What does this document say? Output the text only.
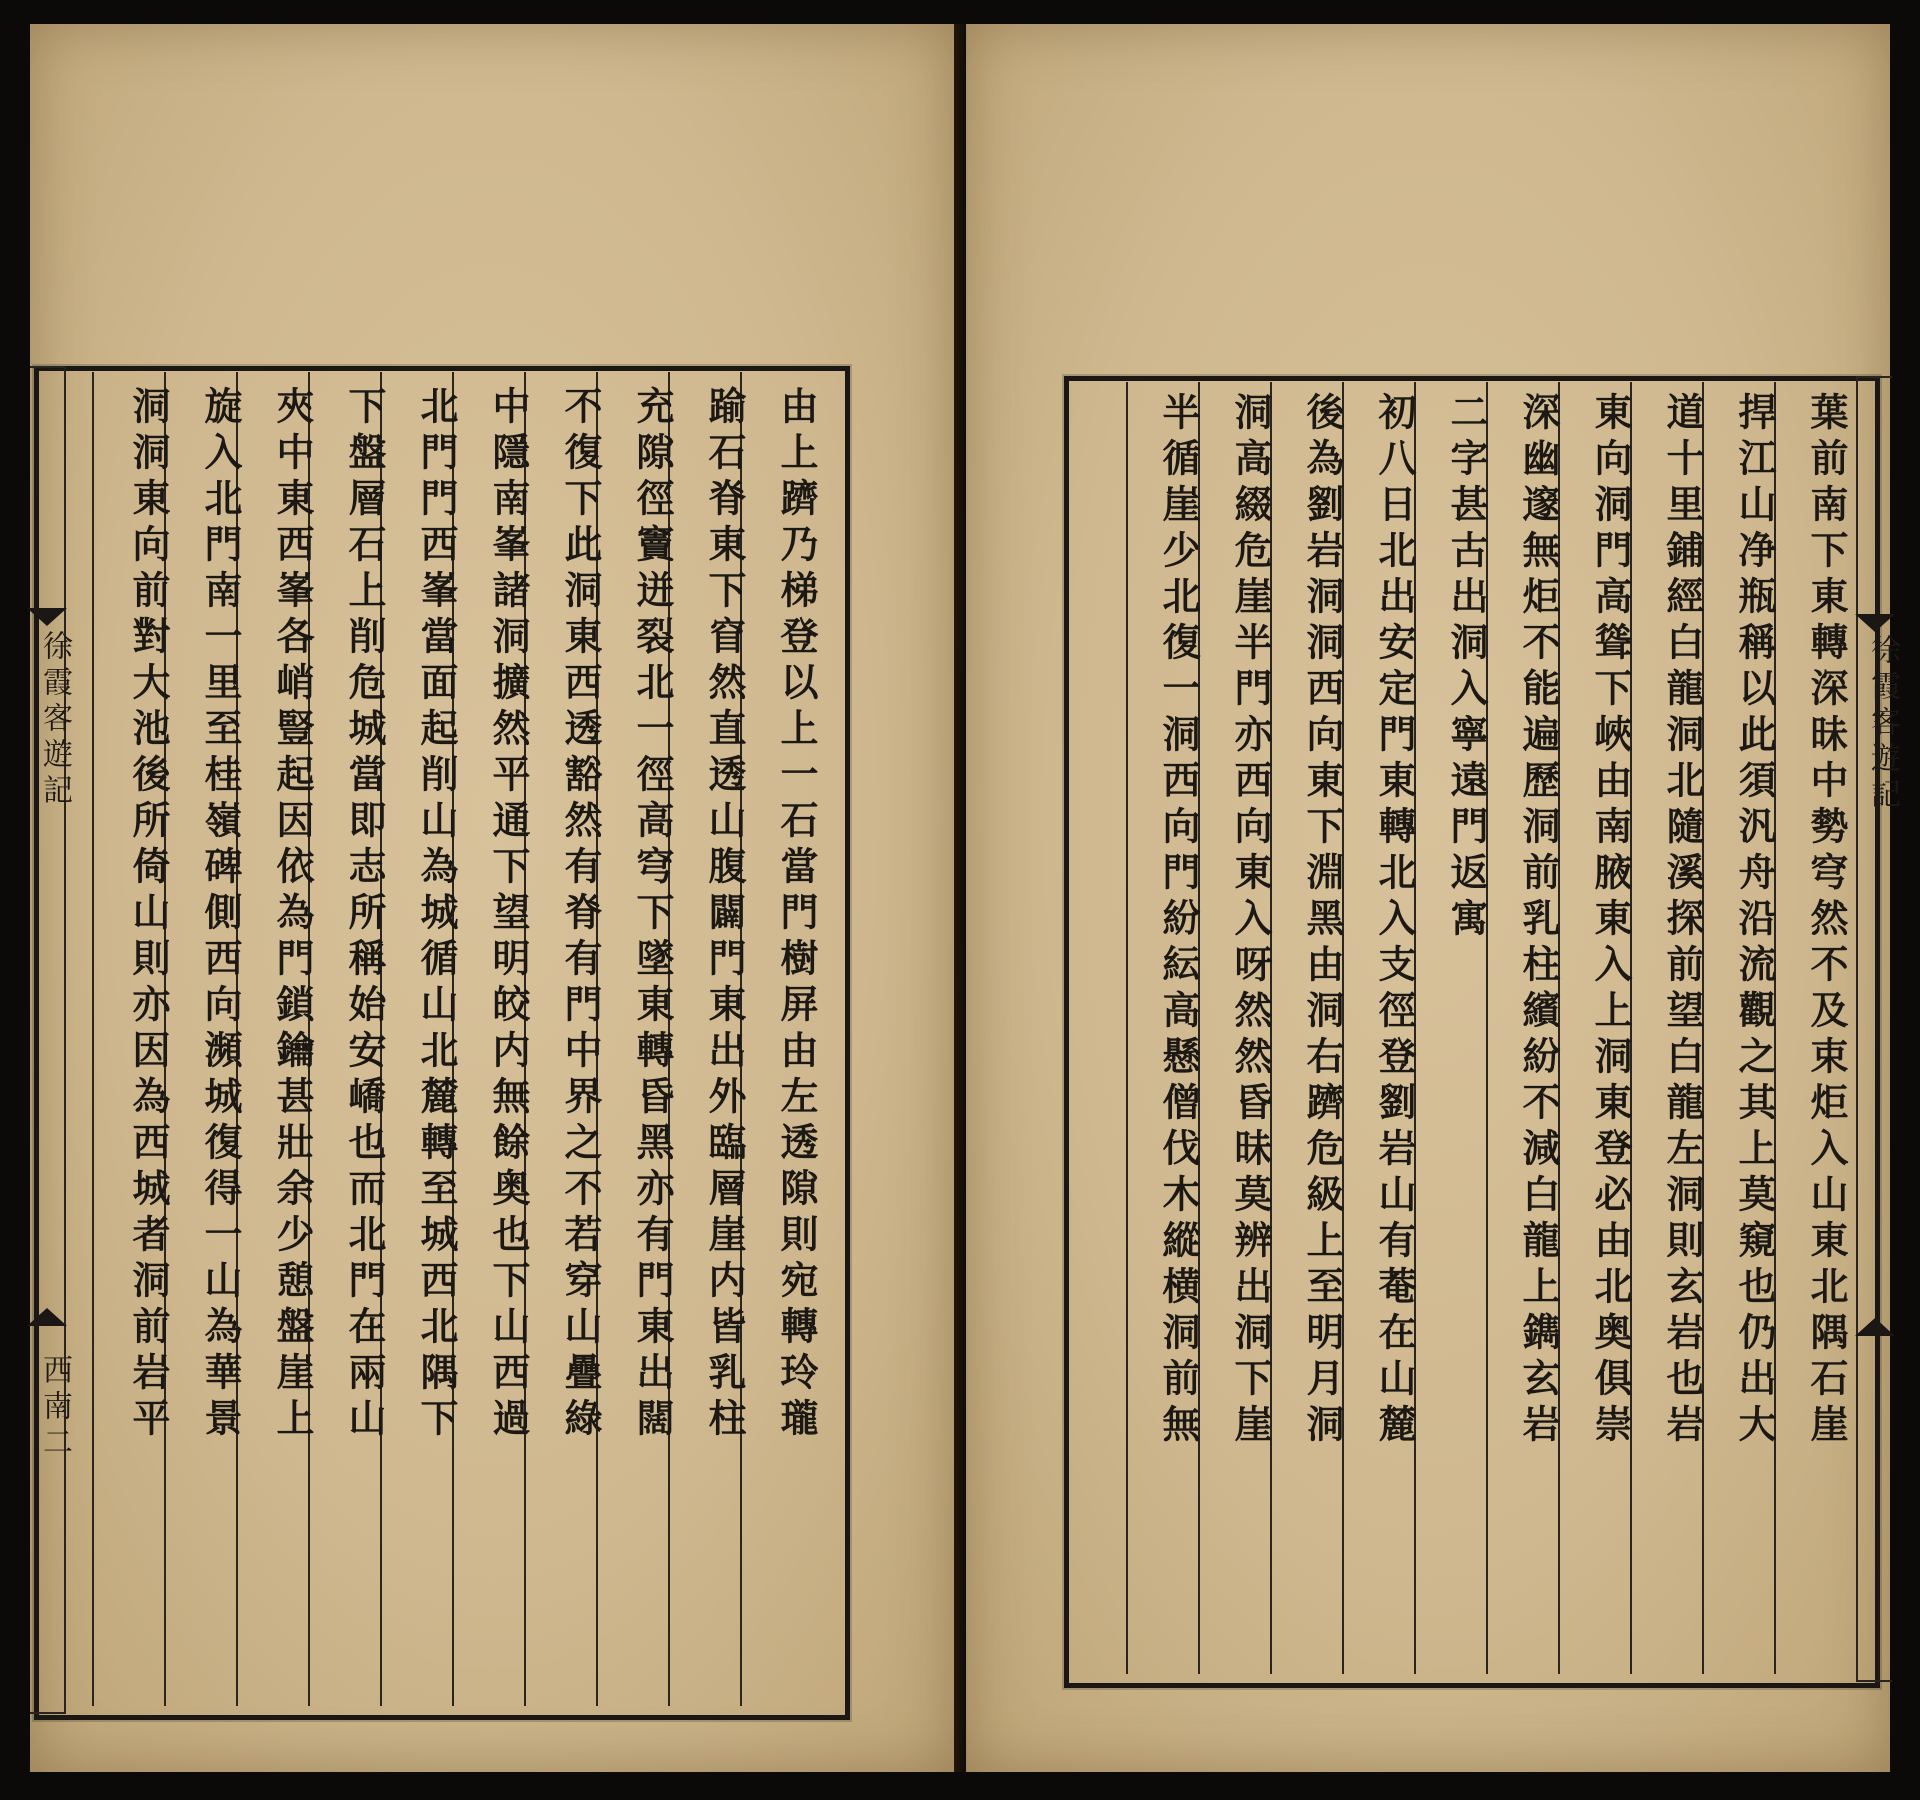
徐霞客遊記
西南二	由上躋乃梯登以上一石當門樹屏由左透隙則宛轉玲瓏
踰石脊東下窅然直透山腹闢門東出外臨層崖内皆乳柱
充隙徑竇迸裂北一徑高穹下墜東轉昏黑亦有門東出闊
不復下此洞東西透豁然有脊有門中界之不若穿山疊綠
中隱南峯諸洞擴然平通下望明皎内無餘奥也下山西過
北門門西峯當面起削山為城循山北麓轉至城西北隅下
下盤層石上削危城當即志所稱始安嶠也而北門在兩山
夾中東西峯各峭豎起因依為門鎖鑰甚壯余少憩盤崖上
旋入北門南一里至桂嶺碑側西向瀕城復得一山為華景
洞洞東向前對大池後所倚山則亦因為西城者洞前岩平	徐霞客遊記
葉前南下東轉深昧中勢穹然不及束炬入山東北隅石崖
捍江山净瓶稱以此須汎舟沿流觀之其上莫窺也仍出大
道十里鋪經白龍洞北隨溪探前望白龍左洞則玄岩也岩
東向洞門高聳下峽由南腋東入上洞東登必由北奥俱崇
深幽邃無炬不能遍歷洞前乳柱繽紛不減白龍上鐫玄岩
二字甚古出洞入寧遠門返寓
初八日北出安定門東轉北入支徑登劉岩山有菴在山麓
後為劉岩洞洞西向東下淵黑由洞右躋危級上至明月洞
洞高綴危崖半門亦西向東入呀然然昏昧莫辨出洞下崖
半循崖少北復一洞西向門紛紜高懸僧伐木縱横洞前無
